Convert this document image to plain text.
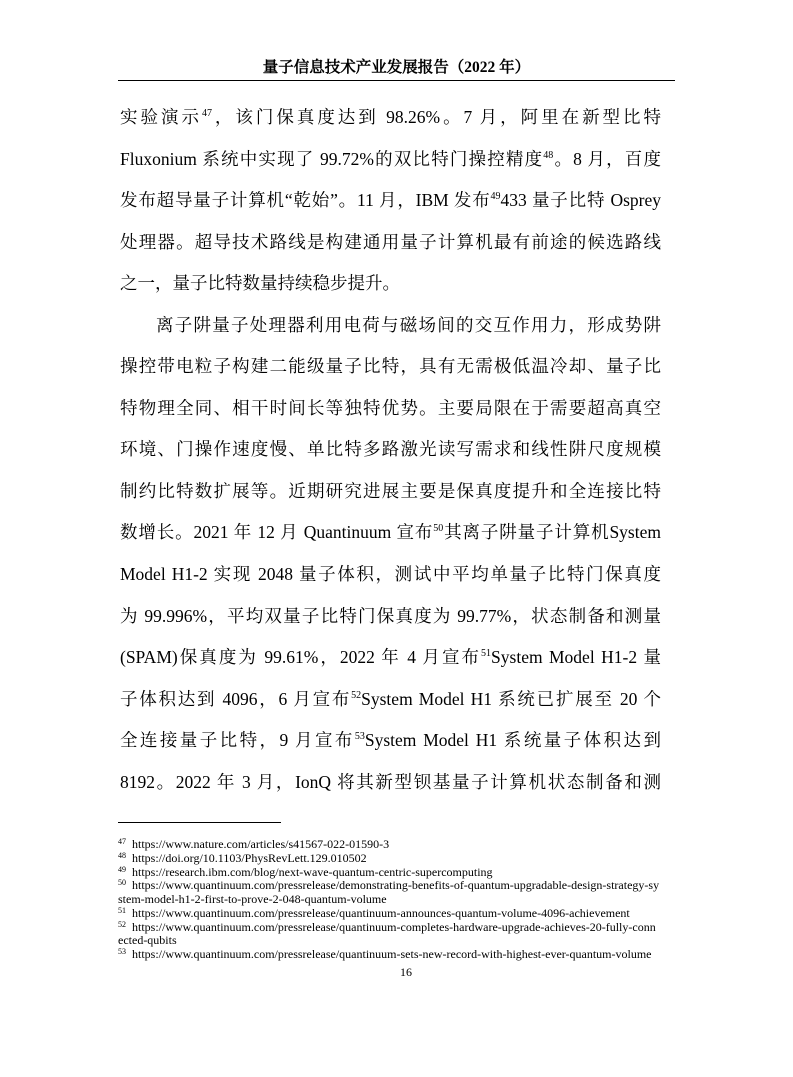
量子信息技术产业发展报告（2022 年）
实验演示$^{47}$，该门保真度达到 98.26%。7 月，阿里在新型比特
Fluxonium 系统中实现了 99.72%的双比特门操控精度$^{48}$。8 月，百度
发布超导量子计算机“乾始”。11 月，IBM 发布$^{49}$433 量子比特 Osprey
处理器。超导技术路线是构建通用量子计算机最有前途的候选路线
之一，量子比特数量持续稳步提升。
离子阱量子处理器利用电荷与磁场间的交互作用力，形成势阱
操控带电粒子构建二能级量子比特，具有无需极低温冷却、量子比
特物理全同、相干时间长等独特优势。主要局限在于需要超高真空
环境、门操作速度慢、单比特多路激光读写需求和线性阱尺度规模
制约比特数扩展等。近期研究进展主要是保真度提升和全连接比特
数增长。2021 年 12 月 Quantinuum 宣布$^{50}$其离子阱量子计算机System
Model H1-2 实现 2048 量子体积，测试中平均单量子比特门保真度
为 99.996%，平均双量子比特门保真度为 99.77%，状态制备和测量
(SPAM)保真度为 99.61%，2022 年 4 月宣布$^{51}$System Model H1-2 量
子体积达到 4096，6 月宣布$^{52}$System Model H1 系统已扩展至 20 个
全连接量子比特，9 月宣布$^{53}$System Model H1 系统量子体积达到
8192。2022 年 3 月，IonQ 将其新型钡基量子计算机状态制备和测
$^{47}$ https://www.nature.com/articles/s41567-022-01590-3
$^{48}$ https://doi.org/10.1103/PhysRevLett.129.010502
$^{49}$ https://research.ibm.com/blog/next-wave-quantum-centric-supercomputing
$^{50}$ https://www.quantinuum.com/pressrelease/demonstrating-benefits-of-quantum-upgradable-design-strategy-sy
stem-model-h1-2-first-to-prove-2-048-quantum-volume
$^{51}$ https://www.quantinuum.com/pressrelease/quantinuum-announces-quantum-volume-4096-achievement
$^{52}$ https://www.quantinuum.com/pressrelease/quantinuum-completes-hardware-upgrade-achieves-20-fully-conn
ected-qubits
$^{53}$ https://www.quantinuum.com/pressrelease/quantinuum-sets-new-record-with-highest-ever-quantum-volume
16
